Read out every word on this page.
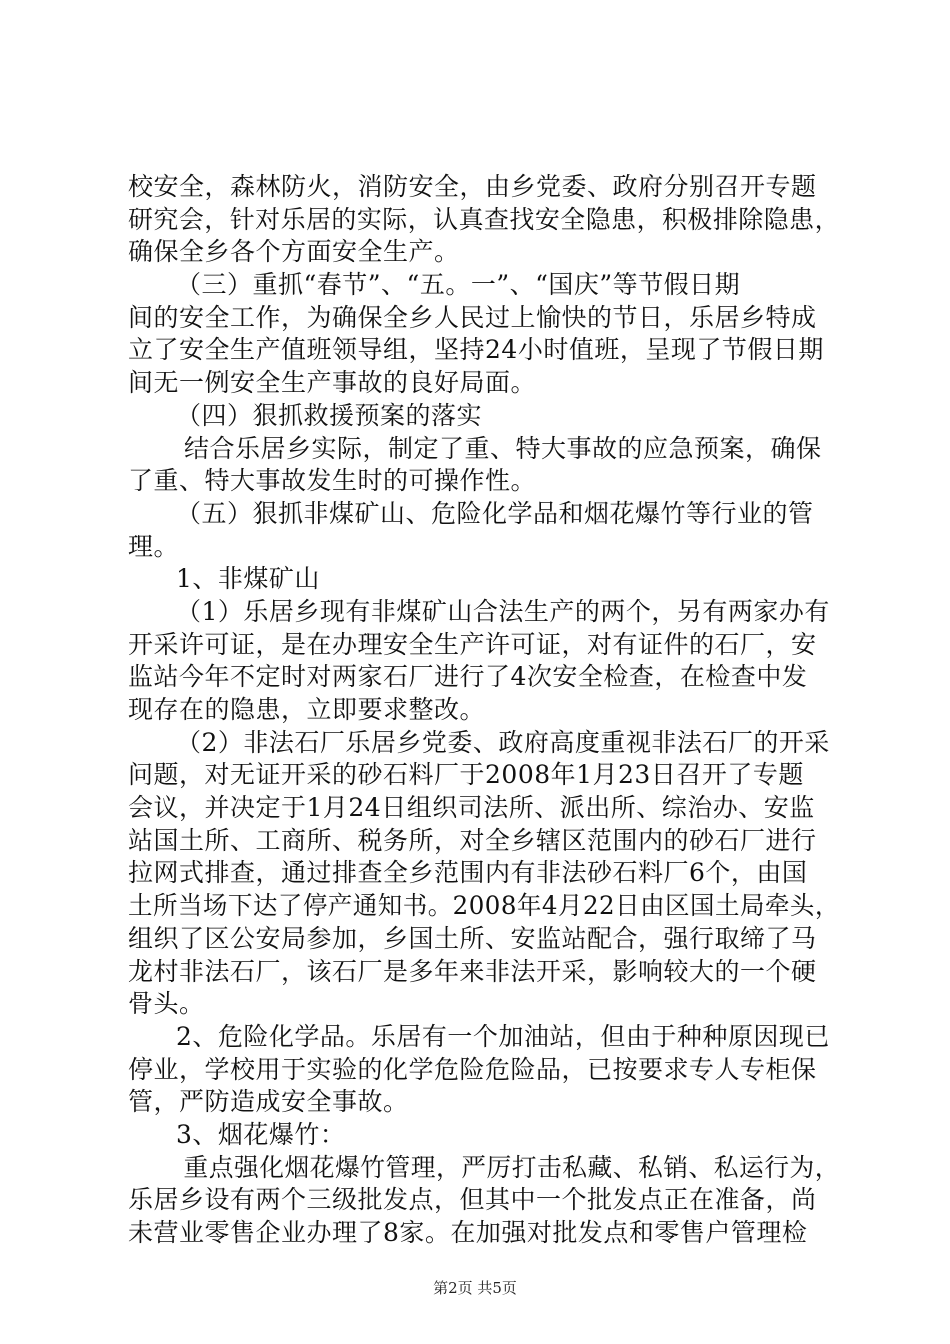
校安全，森林防火，消防安全，由乡党委、政府分别召开专题
研究会，针对乐居的实际，认真查找安全隐患，积极排除隐患，
确保全乡各个方面安全生产。
（三）重抓“春节”、“五。一”、“国庆”等节假日期
间的安全工作，为确保全乡人民过上愉快的节日，乐居乡特成
立了安全生产值班领导组，坚持24小时值班，呈现了节假日期
间无一例安全生产事故的良好局面。
（四）狠抓救援预案的落实
结合乐居乡实际，制定了重、特大事故的应急预案，确保
了重、特大事故发生时的可操作性。
（五）狠抓非煤矿山、危险化学品和烟花爆竹等行业的管
理。
1、非煤矿山
（1）乐居乡现有非煤矿山合法生产的两个，另有两家办有
开采许可证，是在办理安全生产许可证，对有证件的石厂，安
监站今年不定时对两家石厂进行了4次安全检查，在检查中发
现存在的隐患，立即要求整改。
（2）非法石厂乐居乡党委、政府高度重视非法石厂的开采
问题，对无证开采的砂石料厂于2008年1月23日召开了专题
会议，并决定于1月24日组织司法所、派出所、综治办、安监
站国土所、工商所、税务所，对全乡辖区范围内的砂石厂进行
拉网式排查，通过排查全乡范围内有非法砂石料厂6个，由国
土所当场下达了停产通知书。2008年4月22日由区国土局牵头，
组织了区公安局参加，乡国土所、安监站配合，强行取缔了马
龙村非法石厂，该石厂是多年来非法开采，影响较大的一个硬
骨头。
2、危险化学品。乐居有一个加油站，但由于种种原因现已
停业，学校用于实验的化学危险危险品，已按要求专人专柜保
管，严防造成安全事故。
3、烟花爆竹：
重点强化烟花爆竹管理，严厉打击私藏、私销、私运行为，
乐居乡设有两个三级批发点，但其中一个批发点正在准备，尚
未营业零售企业办理了8家。在加强对批发点和零售户管理检
第2页 共5页
